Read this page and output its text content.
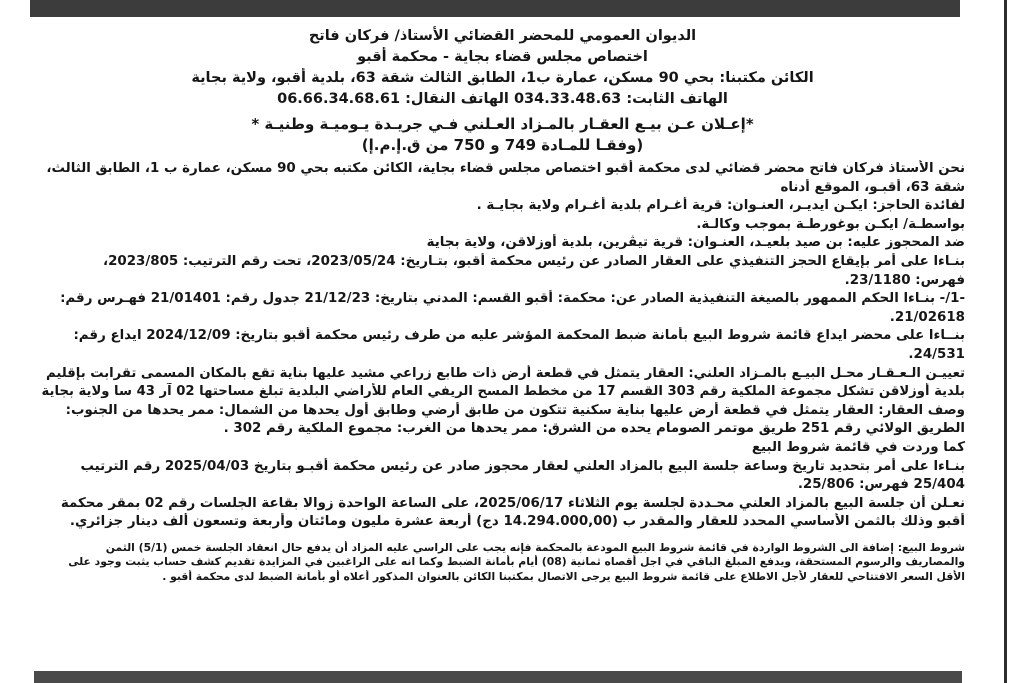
الديوان العمومي للمحضر القضائي الأستاذ/ فركان فاتح
اختصاص مجلس قضاء بجاية - محكمة أقبو
الكائن مكتبنا: بحي 90 مسكن، عمارة ب1، الطابق الثالث شقة 63، بلدية أقبو، ولاية بجاية
الهاتف الثابت: 034.33.48.63 الهاتف النقال: 06.66.34.68.61
*إعـلان عـن بيـع العقـار بالمـزاد العـلني فـي جريـدة يـوميـة وطنيـة *
(وفقـا للمـادة 749 و 750 من ق.إ.م.إ)
نحن الأستاذ فركان فاتح محضر قضائي لدى محكمة أقبو اختصاص مجلس قضاء بجاية، الكائن مكتبه بحي 90 مسكن، عمارة ب 1، الطابق الثالث،
شقة 63، أقبـو، الموقع أدناه
لفائدة الحاجز: ايكـن ايديـر، العنـوان: قرية أغـرام بلدية أغـرام ولاية بجايـة .
بواسطـة/ ايكـن بوغورطـة بموجب وكالـة.
ضد المحجوز عليه: بن صيد بلعيـد، العنـوان: قرية تيڨرين، بلدية أوزلاقن، ولاية بجاية
بنـاءا على أمر بإيقاع الحجز التنفيذي على العقار الصادر عن رئيس محكمة أقبو، بتـاريخ: 2023/05/24، تحت رقم الترتيب: 2023/805،
فهرس: 23/1180.
-1/- بنـاءا الحكم الممهور بالصيغة التنفيذية الصادر عن: محكمة: أقبو القسم: المدني بتاريخ: 21/12/23 جدول رقم: 21/01401 فهـرس رقم:
21/02618.
بنــاءا على محضر ايداع قائمة شروط البيع بأمانة ضبط المحكمة المؤشر عليه من طرف رئيس محكمة أقبو بتاريخ: 2024/12/09 ايداع رقم:
24/531.
تعييـن الـعـقـار محـل البيـع بالمـزاد العلني: العقار يتمثل في قطعة أرض ذات طابع زراعي مشيد عليها بناية تقع بالمكان المسمى تقرابت بإقليم
بلدية أوزلاقن تشكل مجموعة الملكية رقم 303 القسم 17 من مخطط المسح الريفي العام للأراضي البلدية تبلغ مساحتها 02 آر 43 سا ولاية بجاية
وصف العقار: العقار يتمثل في قطعة أرض عليها بناية سكنية تتكون من طابق أرضي وطابق أول يحدها من الشمال: ممر يحدها من الجنوب:
الطريق الولائي رقم 251 طريق موتمر الصومام يحده من الشرق: ممر يحدها من الغرب: مجموع الملكية رقم 302 .
كما وردت في قائمة شروط البيع
بنـاءا على أمر بتحديد تاريخ وساعة جلسة البيع بالمزاد العلني لعقار محجوز صادر عن رئيس محكمة أقبـو بتاريخ 2025/04/03 رقم الترتيب
25/404 فهرس: 25/806.
نعـلن أن جلسة البيع بالمزاد العلني محـددة لجلسة يوم الثلاثاء 2025/06/17، على الساعة الواحدة زوالا بقاعة الجلسات رقم 02 بمقر محكمة
أقبو وذلك بالثمن الأساسي المحدد للعقار والمقدر ب (14.294.000,00 دج) أربعة عشرة مليون ومائتان وأربعة وتسعون ألف دينار جزائري.
شروط البيع: إضافة الى الشروط الواردة في قائمة شروط البيع المودعة بالمحكمة فإنه يجب على الراسي عليه المزاد أن يدفع حال انعقاد الجلسة خمس (5/1) الثمن
والمصاريف والرسوم المستحقة، ويدفع المبلغ الباقي في اجل أقصاه ثمانية (08) أيام بأمانة الضبط وكما انه على الراغبين في المزايدة تقديم كشف حساب يثبت وجود على
الأقل السعر الافتتاحي للعقار لأجل الاطلاع على قائمة شروط البيع يرجى الاتصال بمكتبنا الكائن بالعنوان المذكور أعلاه أو بأمانة الضبط لدى محكمة أقبو .
